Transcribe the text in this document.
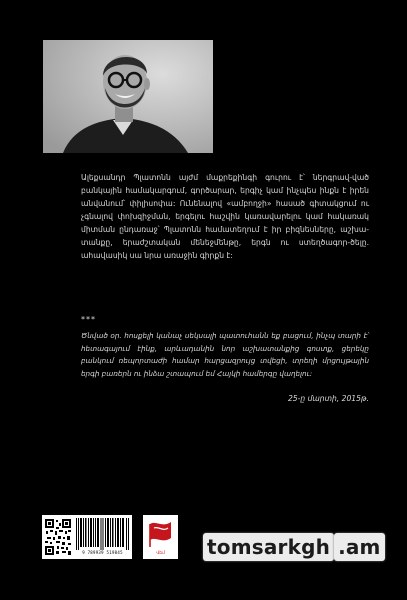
Ալեքսանդր Պլատոնն այժմ մաքրեքինգի գուրու է՝ ներգրավ-ված բանկային համակարգում, գործարար, երգիչ կամ ինչպես ինքն է իրեն անվանում՝ փիլիսոփա: Ունենալով «ամբողջի» հասած գիտակցում ու չգնալով փոխզիջման, երգելու հաշվին կառավարելու կամ հակառակ միտման ընդառաջ՝ Պլատոնն համատեղում է իր բիզնեսները, աշխա-տանքը, երաժշտական մենեջմենթը, երգն ու ստեղծագոր-ծելը. ահավասիկ սա նրա առաջին գիրքն է:

***

Ծնված օր. հոսքելի կանաչ սեկսալի պատուհանն եք բացում, ինչպ տարի է՝ հետագայում էինք, արևադանին նոր աշխատանքից գոստք, ցերեկը բանկում ռեպորտաժի համար հարցազրույց տվեցի, տրեղի մրցույթային երգի բառերն ու ինձա շտապում եմ Հայկի համերգը վաղելու:

25-ը մարտի, 2015թ.
9 789939 519845	Վեմ	tomsarkgh .am
